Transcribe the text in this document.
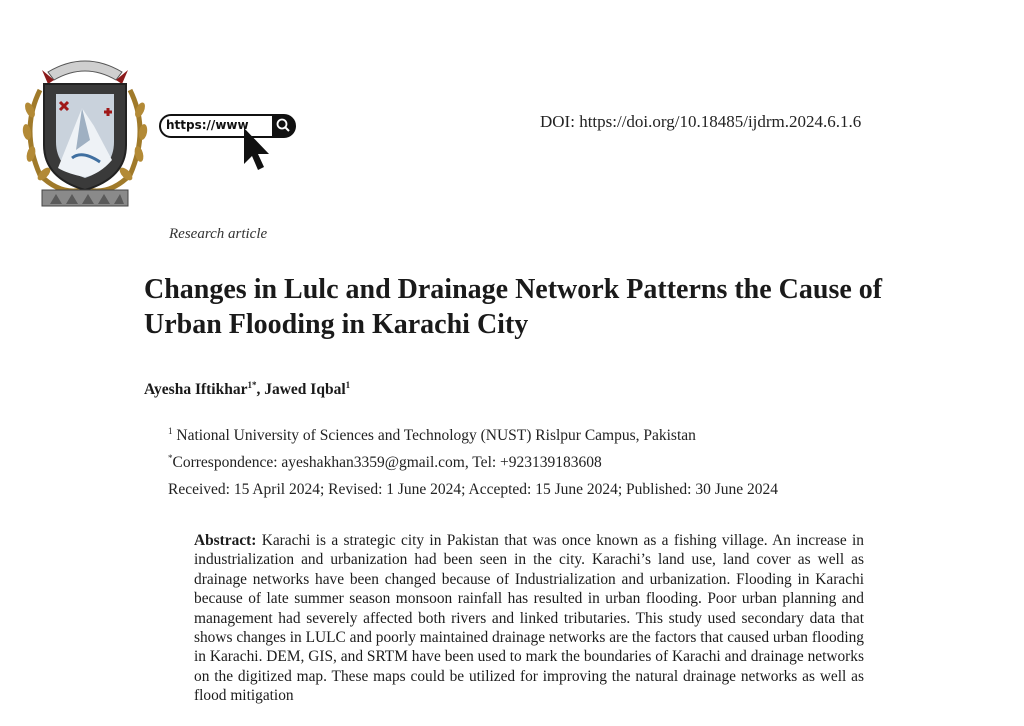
https://www	DOI: https://doi.org/10.18485/ijdrm.2024.6.1.6
Research article
Changes in Lulc and Drainage Network Patterns the Cause of Urban Flooding in Karachi City
Ayesha Iftikhar$^{1*}$, Jawed Iqbal$^1$
$^1$ National University of Sciences and Technology (NUST) Rislpur Campus, Pakistan
*Correspondence: ayeshakhan3359@gmail.com, Tel: +923139183608
Received: 15 April 2024; Revised: 1 June 2024; Accepted: 15 June 2024; Published: 30 June 2024

Abstract: Karachi is a strategic city in Pakistan that was once known as a fishing village. An increase in industrialization and urbanization had been seen in the city. Karachi’s land use, land cover as well as drainage networks have been changed because of Industrialization and urbanization. Flooding in Karachi because of late summer season monsoon rainfall has resulted in urban flooding. Poor urban planning and management had severely affected both rivers and linked tributaries. This study used secondary data that shows changes in LULC and poorly maintained drainage networks are the factors that caused urban flooding in Karachi. DEM, GIS, and SRTM have been used to mark the boundaries of Karachi and drainage networks on the digitized map. These maps could be utilized for improving the natural drainage networks as well as flood mitigation
